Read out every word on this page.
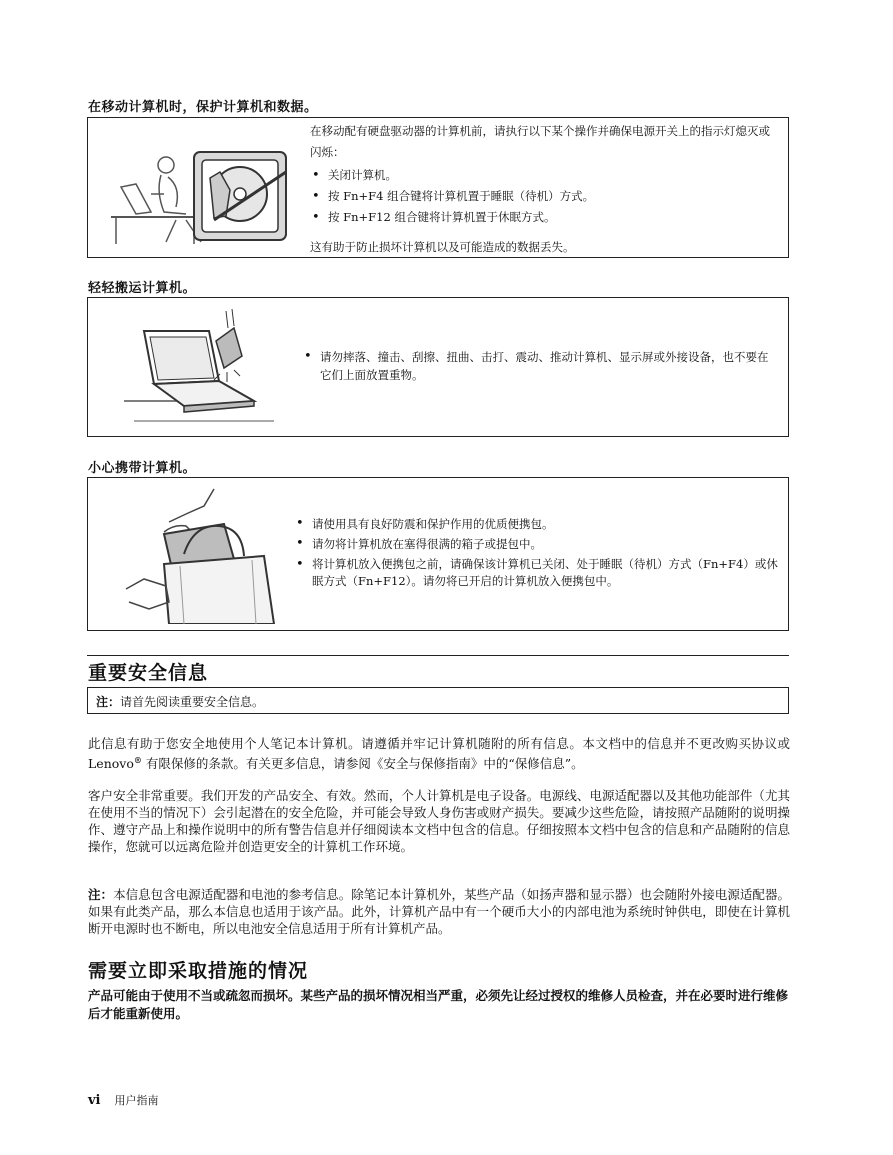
在移动计算机时，保护计算机和数据。
在移动配有硬盘驱动器的计算机前，请执行以下某个操作并确保电源开关上的指示灯熄灭或闪烁：
• 关闭计算机。
• 按 Fn+F4 组合键将计算机置于睡眠（待机）方式。
• 按 Fn+F12 组合键将计算机置于休眠方式。
这有助于防止损坏计算机以及可能造成的数据丢失。
轻轻搬运计算机。
• 请勿摔落、撞击、刮擦、扭曲、击打、震动、推动计算机、显示屏或外接设备，也不要在它们上面放置重物。
小心携带计算机。
• 请使用具有良好防震和保护作用的优质便携包。
• 请勿将计算机放在塞得很满的箱子或提包中。
• 将计算机放入便携包之前，请确保该计算机已关闭、处于睡眠（待机）方式（Fn+F4）或休眠方式（Fn+F12）。请勿将已开启的计算机放入便携包中。
重要安全信息
注：请首先阅读重要安全信息。
此信息有助于您安全地使用个人笔记本计算机。请遵循并牢记计算机随附的所有信息。本文档中的信息并不更改购买协议或 Lenovo® 有限保修的条款。有关更多信息，请参阅《安全与保修指南》中的“保修信息”。
客户安全非常重要。我们开发的产品安全、有效。然而，个人计算机是电子设备。电源线、电源适配器以及其他功能部件（尤其在使用不当的情况下）会引起潜在的安全危险，并可能会导致人身伤害或财产损失。要减少这些危险，请按照产品随附的说明操作、遵守产品上和操作说明中的所有警告信息并仔细阅读本文档中包含的信息。仔细按照本文档中包含的信息和产品随附的信息操作，您就可以远离危险并创造更安全的计算机工作环境。
注：本信息包含电源适配器和电池的参考信息。除笔记本计算机外，某些产品（如扬声器和显示器）也会随附外接电源适配器。如果有此类产品，那么本信息也适用于该产品。此外，计算机产品中有一个硬币大小的内部电池为系统时钟供电，即使在计算机断开电源时也不断电，所以电池安全信息适用于所有计算机产品。
需要立即采取措施的情况
产品可能由于使用不当或疏忽而损坏。某些产品的损坏情况相当严重，必须先让经过授权的维修人员检查，并在必要时进行维修后才能重新使用。
vi 用户指南
